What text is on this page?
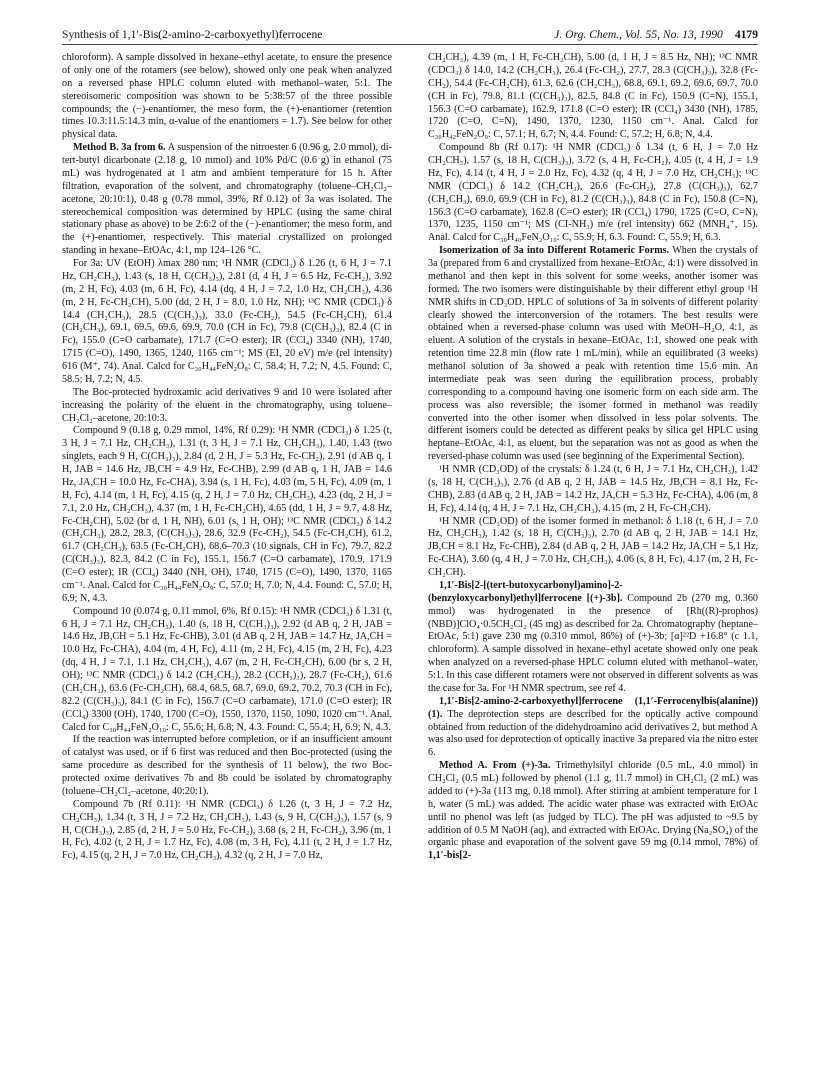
Synthesis of 1,1′-Bis(2-amino-2-carboxyethyl)ferrocene	J. Org. Chem., Vol. 55, No. 13, 1990 4179

chloroform). A sample dissolved in hexane–ethyl acetate, to ensure the presence of only one of the rotamers (see below), showed only one peak when analyzed on a reversed phase HPLC column eluted with methanol–water, 5:1. The stereoisomeric composition was shown to be 5:38:57 of the three possible compounds; the (−)-enantiomer, the meso form, the (+)-enantiomer (retention times 10.3:11.5:14.3 min, α-value of the enantiomers = 1.7). See below for other physical data.

Method B. 3a from 6. A suspension of the nitroester 6 (0.96 g, 2.0 mmol), di-tert-butyl dicarbonate (2.18 g, 10 mmol) and 10% Pd/C (0.6 g) in ethanol (75 mL) was hydrogenated at 1 atm and ambient temperature for 15 h. After filtration, evaporation of the solvent, and chromatography (toluene–CH₂Cl₂–acetone, 20:10:1), 0.48 g (0.78 mmol, 39%, Rf 0.12) of 3a was isolated. The stereochemical composition was determined by HPLC (using the same chiral stationary phase as above) to be 2:6:2 of the (−)-enantiomer; the meso form, and the (+)-enantiomer, respectively. This material crystallized on prolonged standing in hexane–EtOAc, 4:1, mp 124–126 °C.

For 3a: UV (EtOH) λmax 280 nm; ¹H NMR (CDCl₃) δ 1.26 (t, 6 H, J = 7.1 Hz, CH₂CH₃), 1.43 (s, 18 H, C(CH₃)₃), 2.81 (d, 4 H, J = 6.5 Hz, Fc-CH₂), 3.92 (m, 2 H, Fc), 4.03 (m, 6 H, Fc), 4.14 (dq, 4 H, J = 7.2, 1.0 Hz, CH₂CH₃), 4.36 (m, 2 H, Fc-CH₂CH), 5.00 (dd, 2 H, J = 8.0, 1.0 Hz, NH); ¹³C NMR (CDCl₃) δ 14.4 (CH₂CH₃), 28.5 (C(CH₃)₃), 33.0 (Fc-CH₂), 54.5 (Fc-CH₂CH), 61.4 (CH₂CH₃), 69.1, 69.5, 69.6, 69.9, 70.0 (CH in Fc), 79.8 (C(CH₃)₃), 82.4 (C in Fc), 155.0 (C=O carbamate), 171.7 (C=O ester); IR (CCl₄) 3340 (NH), 1740, 1715 (C=O), 1490, 1365, 1240, 1165 cm⁻¹; MS (EI, 20 eV) m/e (rel intensity) 616 (M⁺, 74). Anal. Calcd for C₃₀H₄₄FeN₂O₈: C, 58.4; H, 7.2; N, 4.5. Found: C, 58.5; H, 7.2; N, 4.5.

The Boc-protected hydroxamic acid derivatives 9 and 10 were isolated after increasing the polarity of the eluent in the chromatography, using toluene–CH₂Cl₂–acetone, 20:10:3.

Compound 9 (0.18 g, 0.29 mmol, 14%, Rf 0.29): ¹H NMR (CDCl₃) δ 1.25 (t, 3 H, J = 7.1 Hz, CH₂CH₃), 1.31 (t, 3 H, J = 7.1 Hz, CH₂CH₃), 1.40, 1.43 (two singlets, each 9 H, C(CH₃)₃), 2.84 (d, 2 H, J = 5.3 Hz, Fc-CH₂), 2.91 (d AB q, 1 H, JAB = 14.6 Hz, JB,CH = 4.9 Hz, Fc-CHB), 2.99 (d AB q, 1 H, JAB = 14.6 Hz, JA,CH = 10.0 Hz, Fc-CHA), 3.94 (s, 1 H, Fc), 4.03 (m, 5 H, Fc), 4.09 (m, 1 H, Fc), 4.14 (m, 1 H, Fc), 4.15 (q, 2 H, J = 7.0 Hz, CH₂CH₃), 4.23 (dq, 2 H, J = 7.1, 2.0 Hz, CH₂CH₃), 4.37 (m, 1 H, Fc-CH₂CH), 4.65 (dd, 1 H, J = 9.7, 4.8 Hz, Fc-CH₂CH), 5.02 (br d, 1 H, NH), 6.01 (s, 1 H, OH); ¹³C NMR (CDCl₃) δ 14.2 (CH₂CH₃), 28.2, 28.3, (C(CH₃)₃), 28.6, 32.9 (Fc-CH₂), 54.5 (Fc-CH₂CH), 61.2, 61.7 (CH₂CH₃), 63.5 (Fc-CH₂CH), 68.6–70.3 (10 signals, CH in Fc), 79.7, 82.2 (C(CH₃)₃), 82.3, 84.2 (C in Fc), 155.1, 156.7 (C=O carbamate), 170.9, 171.9 (C=O ester); IR (CCl₄) 3440 (NH, OH), 1740, 1715 (C=O), 1490, 1370, 1165 cm⁻¹. Anal. Calcd for C₃₀H₄₄FeN₂O₉: C, 57.0; H, 7.0; N, 4.4. Found: C, 57.0; H, 6.9; N, 4.3.

Compound 10 (0.074 g, 0.11 mmol, 6%, Rf 0.15): ¹H NMR (CDCl₃) δ 1.31 (t, 6 H, J = 7.1 Hz, CH₂CH₃), 1.40 (s, 18 H, C(CH₃)₃), 2.92 (d AB q, 2 H, JAB = 14.6 Hz, JB,CH = 5.1 Hz, Fc-CHB), 3.01 (d AB q, 2 H, JAB = 14.7 Hz, JA,CH = 10.0 Hz, Fc-CHA), 4.04 (m, 4 H, Fc), 4.11 (m, 2 H, Fc), 4.15 (m, 2 H, Fc), 4.23 (dq, 4 H, J = 7.1, 1.1 Hz, CH₂CH₃), 4.67 (m, 2 H, Fc-CH₂CH), 6.00 (br s, 2 H, OH); ¹³C NMR (CDCl₃) δ 14.2 (CH₂CH₃), 28.2 (CCH₃)₃), 28.7 (Fc-CH₂), 61.6 (CH₂CH₃), 63.6 (Fc-CH₂CH), 68.4, 68.5, 68.7, 69.0, 69.2, 70.2, 70.3 (CH in Fc), 82.2 (C(CH₃)₃), 84.1 (C in Fc), 156.7 (C=O carbamate), 171.0 (C=O ester); IR (CCl₄) 3300 (OH), 1740, 1700 (C=O), 1550, 1370, 1150, 1090, 1020 cm⁻¹. Anal. Calcd for C₃₀H₄₄FeN₂O₁₀: C, 55.6; H, 6.8; N, 4.3. Found: C, 55.4; H, 6.9; N, 4.3.

If the reaction was interrupted before completion, or if an insufficient amount of catalyst was used, or if 6 first was reduced and then Boc-protected (using the same procedure as described for the synthesis of 11 below), the two Boc-protected oxime derivatives 7b and 8b could be isolated by chromatography (toluene–CH₂Cl₂–acetone, 40:20:1).

Compound 7b (Rf 0.11): ¹H NMR (CDCl₃) δ 1.26 (t, 3 H, J = 7.2 Hz, CH₂CH₃), 1.34 (t, 3 H, J = 7.2 Hz, CH₂CH₃), 1.43 (s, 9 H, C(CH₃)₃), 1.57 (s, 9 H, C(CH₃)₃), 2.85 (d, 2 H, J = 5.0 Hz, Fc-CH₂), 3.68 (s, 2 H, Fc-CH₂), 3.96 (m, 1 H, Fc), 4.02 (t, 2 H, J = 1.7 Hz, Fc), 4.08 (m, 3 H, Fc), 4.11 (t, 2 H, J = 1.7 Hz, Fc), 4.15 (q, 2 H, J = 7.0 Hz, CH₂CH₃), 4.32 (q, 2 H, J = 7.0 Hz,

CH₂CH₃), 4.39 (m, 1 H, Fc-CH₂CH), 5.00 (d, 1 H, J = 8.5 Hz, NH); ¹³C NMR (CDCl₃) δ 14.0, 14.2 (CH₂CH₃), 26.4 (Fc-CH₂), 27.7, 28.3 (C(CH₃)₃), 32.8 (Fc-CH₂), 54.4 (Fc-CH₂CH), 61.3, 62.6 (CH₂CH₃), 68.8, 69.1, 69.2, 69.6, 69.7, 70.0 (CH in Fc), 79.8, 81.1 (C(CH₃)₃), 82.5, 84.8 (C in Fc), 150.9 (C=N), 155.1, 156.3 (C=O carbamate), 162.9, 171.8 (C=O ester); IR (CCl₄) 3430 (NH), 1785, 1720 (C=O, C=N), 1490, 1370, 1230, 1150 cm⁻¹. Anal. Calcd for C₃₀H₄₂FeN₂O₉: C, 57.1; H, 6.7; N, 4.4. Found: C, 57.2; H, 6.8; N, 4.4.

Compound 8b (Rf 0.17): ¹H NMR (CDCl₃) δ 1.34 (t, 6 H, J = 7.0 Hz CH₂CH₃), 1.57 (s, 18 H, C(CH₃)₃), 3.72 (s, 4 H, Fc-CH₂), 4.05 (t, 4 H, J = 1.9 Hz, Fc), 4.14 (t, 4 H, J = 2.0 Hz, Fc), 4.32 (q, 4 H, J = 7.0 Hz, CH₂CH₃); ¹³C NMR (CDCl₃) δ 14.2 (CH₂CH₃), 26.6 (Fc-CH₂), 27.8 (C(CH₃)₃), 62.7 (CH₂CH₃), 69.0, 69.9 (CH in Fc), 81.2 (C(CH₃)₃), 84.8 (C in Fc), 150.8 (C=N), 156.3 (C=O carbamate), 162.8 (C=O ester); IR (CCl₄) 1790, 1725 (C=O, C=N), 1370, 1235, 1150 cm⁻¹; MS (CI-NH₃) m/e (rel intensity) 662 (MNH₄⁺, 15). Anal. Calcd for C₃₀H₄₀FeN₂O₁₀: C, 55.9; H, 6.3. Found: C, 55.9; H, 6.3.

Isomerization of 3a into Different Rotameric Forms. When the crystals of 3a (prepared from 6 and crystallized from hexane–EtOAc, 4:1) were dissolved in methanol and then kept in this solvent for some weeks, another isomer was formed. The two isomers were distinguishable by their different ethyl group ¹H NMR shifts in CD₃OD. HPLC of solutions of 3a in solvents of different polarity clearly showed the interconversion of the rotamers. The best results were obtained when a reversed-phase column was used with MeOH–H₂O, 4:1, as eluent. A solution of the crystals in hexane–EtOAc, 1:1, showed one peak with retention time 22.8 min (flow rate 1 mL/min), while an equilibrated (3 weeks) methanol solution of 3a showed a peak with retention time 15.6 min. An intermediate peak was seen during the equilibration process, probably corresponding to a compound having one isomeric form on each side arm. The process was also reversible; the isomer formed in methanol was readily converted into the other isomer when dissolved in less polar solvents. The different isomers could be detected as different peaks by silica gel HPLC using heptane–EtOAc, 4:1, as eluent, but the separation was not as good as when the reversed-phase column was used (see beginning of the Experimental Section).

¹H NMR (CD₃OD) of the crystals: δ 1.24 (t, 6 H, J = 7.1 Hz, CH₂CH₃), 1.42 (s, 18 H, C(CH₃)₃), 2.76 (d AB q, 2 H, JAB = 14.5 Hz, JB,CH = 8.1 Hz, Fc-CHB), 2.83 (d AB q, 2 H, JAB = 14.2 Hz, JA,CH = 5.3 Hz, Fc-CHA), 4.06 (m, 8 H, Fc), 4.14 (q, 4 H, J = 7.1 Hz, CH₂CH₃), 4.15 (m, 2 H, Fc-CH₂CH).

¹H NMR (CD₃OD) of the isomer formed in methanol: δ 1.18 (t, 6 H, J = 7.0 Hz, CH₂CH₃), 1.42 (s, 18 H, C(CH₃)₃), 2.70 (d AB q, 2 H, JAB = 14.1 Hz, JB,CH = 8.1 Hz, Fc-CHB), 2.84 (d AB q, 2 H, JAB = 14.2 Hz, JA,CH = 5.1 Hz, Fc-CHA), 3.60 (q, 4 H, J = 7.0 Hz, CH₂CH₃), 4.06 (s, 8 H, Fc), 4.17 (m, 2 H, Fc-CH₂CH).

1,1′-Bis[2-[(tert-butoxycarbonyl)amino]-2-(benzyloxycarbonyl)ethyl]ferrocene [(+)-3b]. Compound 2b (270 mg, 0.360 mmol) was hydrogenated in the presence of [Rh((R)-prophos)(NBD)]ClO₄·0.5CH₂Cl₂ (45 mg) as described for 2a. Chromatography (heptane–EtOAc, 5:1) gave 230 mg (0.310 mmol, 86%) of (+)-3b; [α]²²D +16.8° (c 1.1, chloroform). A sample dissolved in hexane–ethyl acetate showed only one peak when analyzed on a reversed-phase HPLC column eluted with methanol–water, 5:1. In this case different rotamers were not observed in different solvents as was the case for 3a. For ¹H NMR spectrum, see ref 4.

1,1′-Bis[2-amino-2-carboxyethyl]ferrocene (1,1′-Ferrocenylbis(alanine)) (1). The deprotection steps are described for the optically active compound obtained from reduction of the didehydroamino acid derivatives 2, but method A was also used for deprotection of optically inactive 3a prepared via the nitro ester 6.

Method A. From (+)-3a. Trimethylsilyl chloride (0.5 mL, 4.0 mmol) in CH₂Cl₂ (0.5 mL) followed by phenol (1.1 g, 11.7 mmol) in CH₂Cl₂ (2 mL) was added to (+)-3a (113 mg, 0.18 mmol). After stirring at ambient temperature for 1 h, water (5 mL) was added. The acidic water phase was extracted with EtOAc until no phenol was left (as judged by TLC). The pH was adjusted to ~9.5 by addition of 0.5 M NaOH (aq), and extracted with EtOAc. Drying (Na₂SO₄) of the organic phase and evaporation of the solvent gave 59 mg (0.14 mmol, 78%) of 1,1′-bis[2-
